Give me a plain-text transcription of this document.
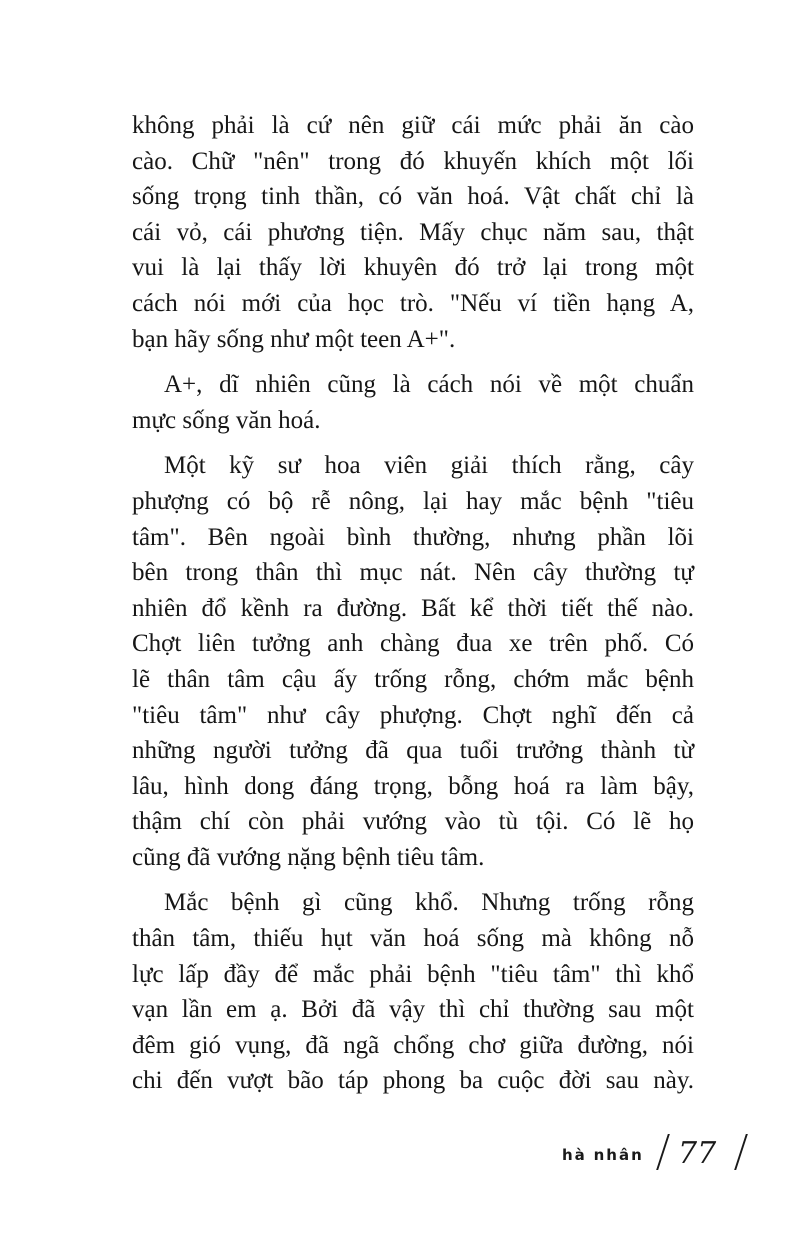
không phải là cứ nên giữ cái mức phải ăn cào
cào. Chữ "nên" trong đó khuyến khích một lối
sống trọng tinh thần, có văn hoá. Vật chất chỉ là
cái vỏ, cái phương tiện. Mấy chục năm sau, thật
vui là lại thấy lời khuyên đó trở lại trong một
cách nói mới của học trò. "Nếu ví tiền hạng A,
bạn hãy sống như một teen A+".

A+, dĩ nhiên cũng là cách nói về một chuẩn
mực sống văn hoá.

Một kỹ sư hoa viên giải thích rằng, cây
phượng có bộ rễ nông, lại hay mắc bệnh "tiêu
tâm". Bên ngoài bình thường, nhưng phần lõi
bên trong thân thì mục nát. Nên cây thường tự
nhiên đổ kềnh ra đường. Bất kể thời tiết thế nào.
Chợt liên tưởng anh chàng đua xe trên phố. Có
lẽ thân tâm cậu ấy trống rỗng, chớm mắc bệnh
"tiêu tâm" như cây phượng. Chợt nghĩ đến cả
những người tưởng đã qua tuổi trưởng thành từ
lâu, hình dong đáng trọng, bỗng hoá ra làm bậy,
thậm chí còn phải vướng vào tù tội. Có lẽ họ
cũng đã vướng nặng bệnh tiêu tâm.

Mắc bệnh gì cũng khổ. Nhưng trống rỗng
thân tâm, thiếu hụt văn hoá sống mà không nỗ
lực lấp đầy để mắc phải bệnh "tiêu tâm" thì khổ
vạn lần em ạ. Bởi đã vậy thì chỉ thường sau một
đêm gió vụng, đã ngã chổng chơ giữa đường, nói
chi đến vượt bão táp phong ba cuộc đời sau này.

hà nhân 77
